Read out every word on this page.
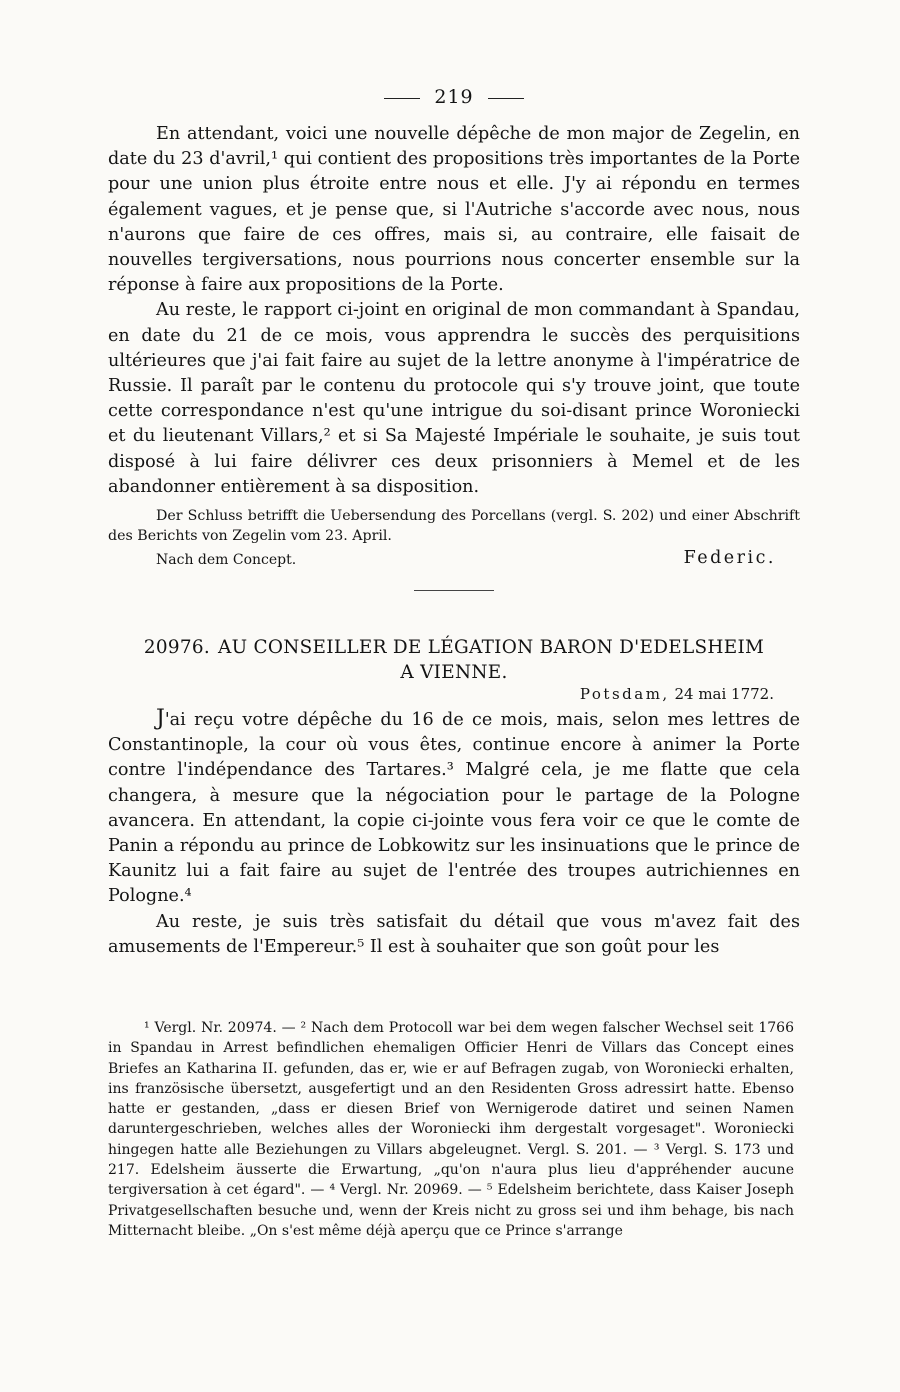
219

En attendant, voici une nouvelle dépêche de mon major de Zegelin, en date du 23 d'avril,¹ qui contient des propositions très importantes de la Porte pour une union plus étroite entre nous et elle. J'y ai répondu en termes également vagues, et je pense que, si l'Autriche s'accorde avec nous, nous n'aurons que faire de ces offres, mais si, au contraire, elle faisait de nouvelles tergiversations, nous pourrions nous concerter ensemble sur la réponse à faire aux propositions de la Porte.

Au reste, le rapport ci-joint en original de mon commandant à Spandau, en date du 21 de ce mois, vous apprendra le succès des perquisitions ultérieures que j'ai fait faire au sujet de la lettre anonyme à l'impératrice de Russie. Il paraît par le contenu du protocole qui s'y trouve joint, que toute cette correspondance n'est qu'une intrigue du soi-disant prince Woroniecki et du lieutenant Villars,² et si Sa Majesté Impériale le souhaite, je suis tout disposé à lui faire délivrer ces deux prisonniers à Memel et de les abandonner entièrement à sa disposition.

Der Schluss betrifft die Uebersendung des Porcellans (vergl. S. 202) und einer Abschrift des Berichts von Zegelin vom 23. April.
Nach dem Concept.	Federic.
20976. AU CONSEILLER DE LÉGATION BARON D'EDELSHEIM
A VIENNE.
Potsdam, 24 mai 1772.

J'ai reçu votre dépêche du 16 de ce mois, mais, selon mes lettres de Constantinople, la cour où vous êtes, continue encore à animer la Porte contre l'indépendance des Tartares.³ Malgré cela, je me flatte que cela changera, à mesure que la négociation pour le partage de la Pologne avancera. En attendant, la copie ci-jointe vous fera voir ce que le comte de Panin a répondu au prince de Lobkowitz sur les insinuations que le prince de Kaunitz lui a fait faire au sujet de l'entrée des troupes autrichiennes en Pologne.⁴

Au reste, je suis très satisfait du détail que vous m'avez fait des amusements de l'Empereur.⁵ Il est à souhaiter que son goût pour les

¹ Vergl. Nr. 20974. — ² Nach dem Protocoll war bei dem wegen falscher Wechsel seit 1766 in Spandau in Arrest befindlichen ehemaligen Officier Henri de Villars das Concept eines Briefes an Katharina II. gefunden, das er, wie er auf Befragen zugab, von Woroniecki erhalten, ins französische übersetzt, ausgefertigt und an den Residenten Gross adressirt hatte. Ebenso hatte er gestanden, „dass er diesen Brief von Wernigerode datiret und seinen Namen daruntergeschrieben, welches alles der Woroniecki ihm dergestalt vorgesaget". Woroniecki hingegen hatte alle Beziehungen zu Villars abgeleugnet. Vergl. S. 201. — ³ Vergl. S. 173 und 217. Edelsheim äusserte die Erwartung, „qu'on n'aura plus lieu d'appréhender aucune tergiversation à cet égard". — ⁴ Vergl. Nr. 20969. — ⁵ Edelsheim berichtete, dass Kaiser Joseph Privatgesellschaften besuche und, wenn der Kreis nicht zu gross sei und ihm behage, bis nach Mitternacht bleibe. „On s'est même déjà aperçu que ce Prince s'arrange
